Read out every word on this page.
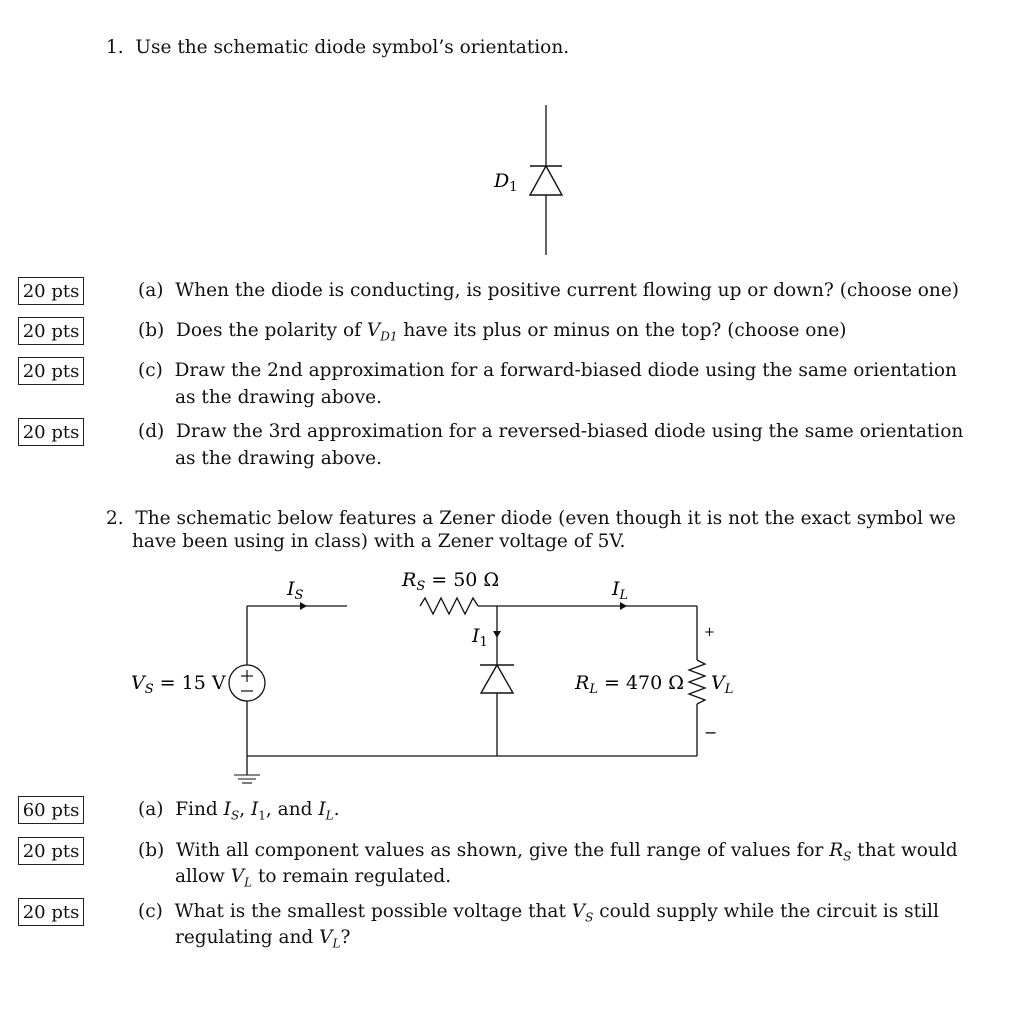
1. Use the schematic diode symbol’s orientation.
$D_1$
20 pts	(a) When the diode is conducting, is positive current flowing up or down? (choose one)
20 pts	(b) Does the polarity of $V_{D1}$ have its plus or minus on the top? (choose one)
20 pts	(c) Draw the 2nd approximation for a forward-biased diode using the same orientation
as the drawing above.
20 pts	(d) Draw the 3rd approximation for a reversed-biased diode using the same orientation
as the drawing above.
2. The schematic below features a Zener diode (even though it is not the exact symbol we
have been using in class) with a Zener voltage of 5V.
$I_S$
$R_S = 50$ Ω	$I_L$
$I_1$
$V_S = 15$ V	$R_L = 470$ Ω $V_L$
+
−
60 pts	(a) Find $I_S$, $I_1$, and $I_L$.
20 pts	(b) With all component values as shown, give the full range of values for $R_S$ that would
allow $V_L$ to remain regulated.
20 pts	(c) What is the smallest possible voltage that $V_S$ could supply while the circuit is still
regulating and $V_L$?
